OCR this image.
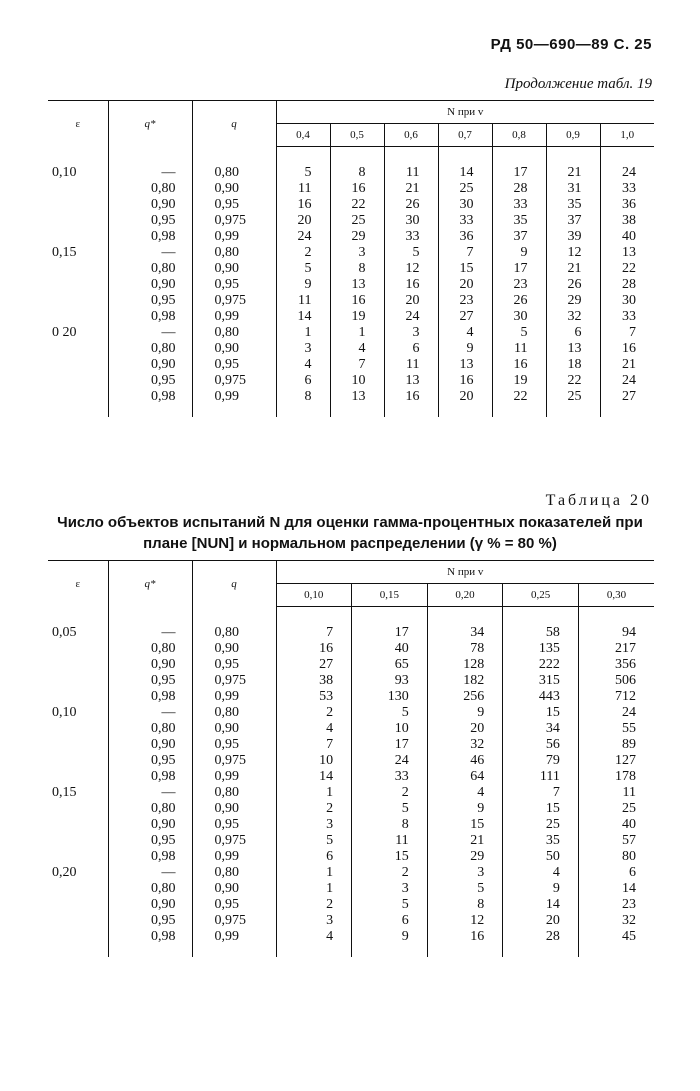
РД 50—690—89 С. 25
Продолжение табл. 19
ε	q*	q	N при v						
			0,4	0,5	0,6	0,7	0,8	0,9	1,0

0,10	—	0,80	5	8	11	14	17	21	24
	0,80	0,90	11	16	21	25	28	31	33
	0,90	0,95	16	22	26	30	33	35	36
	0,95	0,975	20	25	30	33	35	37	38
	0,98	0,99	24	29	33	36	37	39	40
0,15	—	0,80	2	3	5	7	9	12	13
	0,80	0,90	5	8	12	15	17	21	22
	0,90	0,95	9	13	16	20	23	26	28
	0,95	0,975	11	16	20	23	26	29	30
	0,98	0,99	14	19	24	27	30	32	33
0 20	—	0,80	1	1	3	4	5	6	7
	0,80	0,90	3	4	6	9	11	13	16
	0,90	0,95	4	7	11	13	16	18	21
	0,95	0,975	6	10	13	16	19	22	24
	0,98	0,99	8	13	16	20	22	25	27

Таблица 20
Число объектов испытаний N для оценки гамма-процентных показателей при
плане [NUN] и нормальном распределении (γ % = 80 %)
ε	q*	q	N при v				
			0,10	0,15	0,20	0,25	0,30

0,05	—	0,80	7	17	34	58	94
	0,80	0,90	16	40	78	135	217
	0,90	0,95	27	65	128	222	356
	0,95	0,975	38	93	182	315	506
	0,98	0,99	53	130	256	443	712
0,10	—	0,80	2	5	9	15	24
	0,80	0,90	4	10	20	34	55
	0,90	0,95	7	17	32	56	89
	0,95	0,975	10	24	46	79	127
	0,98	0,99	14	33	64	111	178
0,15	—	0,80	1	2	4	7	11
	0,80	0,90	2	5	9	15	25
	0,90	0,95	3	8	15	25	40
	0,95	0,975	5	11	21	35	57
	0,98	0,99	6	15	29	50	80
0,20	—	0,80	1	2	3	4	6
	0,80	0,90	1	3	5	9	14
	0,90	0,95	2	5	8	14	23
	0,95	0,975	3	6	12	20	32
	0,98	0,99	4	9	16	28	45
